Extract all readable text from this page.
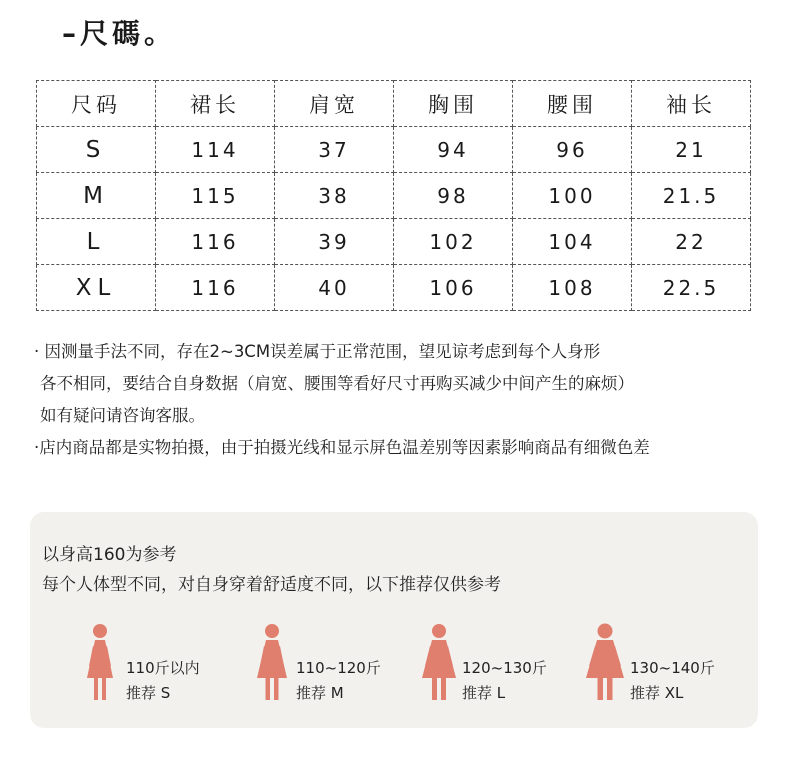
–尺碼。
尺码	裙长	肩宽	胸围	腰围	袖长
S	114	37	94	96	21
M	115	38	98	100	21.5
L	116	39	102	104	22
XL	116	40	106	108	22.5
· 因测量手法不同，存在2~3CM误差属于正常范围，望见谅考虑到每个人身形
各不相同，要结合自身数据（肩宽、腰围等看好尺寸再购买减少中间产生的麻烦）
如有疑问请咨询客服。
·店内商品都是实物拍摄，由于拍摄光线和显示屏色温差别等因素影响商品有细微色差
以身高160为参考
每个人体型不同，对自身穿着舒适度不同，以下推荐仅供参考
110斤以内
推荐 S
110~120斤
推荐 M
120~130斤
推荐 L
130~140斤
推荐 XL
